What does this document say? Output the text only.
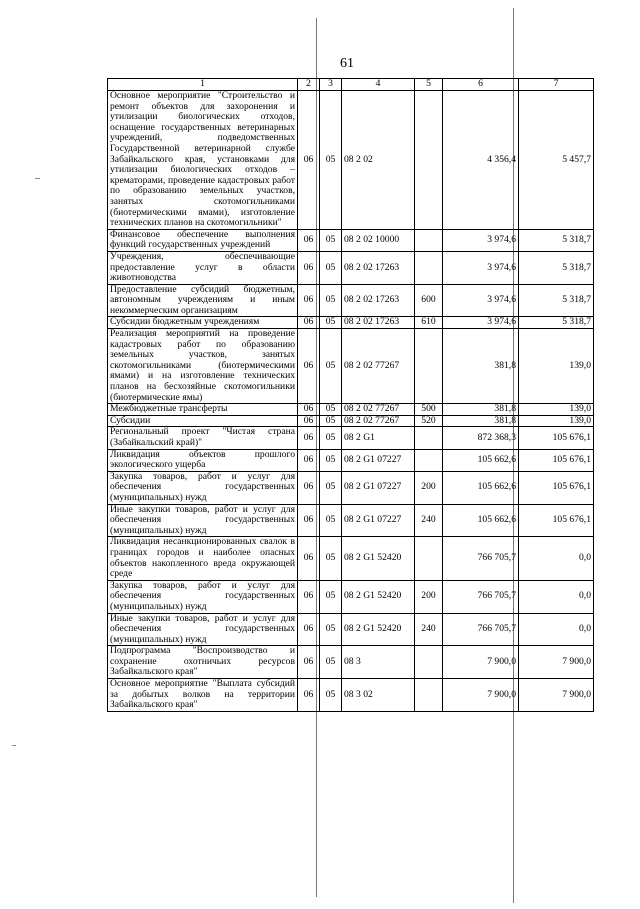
61
1	2	3	4	5	6	7
Основное мероприятие "Строительство и ремонт объектов для захоронения и утилизации биологических отходов, оснащение государственных ветеринарных учреждений, подведомственных Государственной ветеринарной службе Забайкальского края, установками для утилизации биологических отходов – крематорами, проведение кадастровых работ по образованию земельных участков, занятых скотомогильниками (биотермическими ямами), изготовление технических планов на скотомогильники"	06	05	08 2 02		4 356,4	5 457,7
Финансовое обеспечение выполнения функций государственных учреждений	06	05	08 2 02 10000		3 974,6	5 318,7
Учреждения, обеспечивающие предоставление услуг в области животноводства	06	05	08 2 02 17263		3 974,6	5 318,7
Предоставление субсидий бюджетным, автономным учреждениям и иным некоммерческим организациям	06	05	08 2 02 17263	600	3 974,6	5 318,7
Субсидии бюджетным учреждениям	06	05	08 2 02 17263	610	3 974,6	5 318,7
Реализация мероприятий на проведение кадастровых работ по образованию земельных участков, занятых скотомогильниками (биотермическими ямами) и на изготовление технических планов на бесхозяйные скотомогильники (биотермические ямы)	06	05	08 2 02 77267		381,8	139,0
Межбюджетные трансферты	06	05	08 2 02 77267	500	381,8	139,0
Субсидии	06	05	08 2 02 77267	520	381,8	139,0
Региональный проект "Чистая страна (Забайкальский край)"	06	05	08 2 G1		872 368,3	105 676,1
Ликвидация объектов прошлого экологического ущерба	06	05	08 2 G1 07227		105 662,6	105 676,1
Закупка товаров, работ и услуг для обеспечения государственных (муниципальных) нужд	06	05	08 2 G1 07227	200	105 662,6	105 676,1
Иные закупки товаров, работ и услуг для обеспечения государственных (муниципальных) нужд	06	05	08 2 G1 07227	240	105 662,6	105 676,1
Ликвидация несанкционированных свалок в границах городов и наиболее опасных объектов накопленного вреда окружающей среде	06	05	08 2 G1 52420		766 705,7	0,0
Закупка товаров, работ и услуг для обеспечения государственных (муниципальных) нужд	06	05	08 2 G1 52420	200	766 705,7	0,0
Иные закупки товаров, работ и услуг для обеспечения государственных (муниципальных) нужд	06	05	08 2 G1 52420	240	766 705,7	0,0
Подпрограмма "Воспроизводство и сохранение охотничьих ресурсов Забайкальского края"	06	05	08 3		7 900,0	7 900,0
Основное мероприятие "Выплата субсидий за добытых волков на территории Забайкальского края"	06	05	08 3 02		7 900,0	7 900,0
